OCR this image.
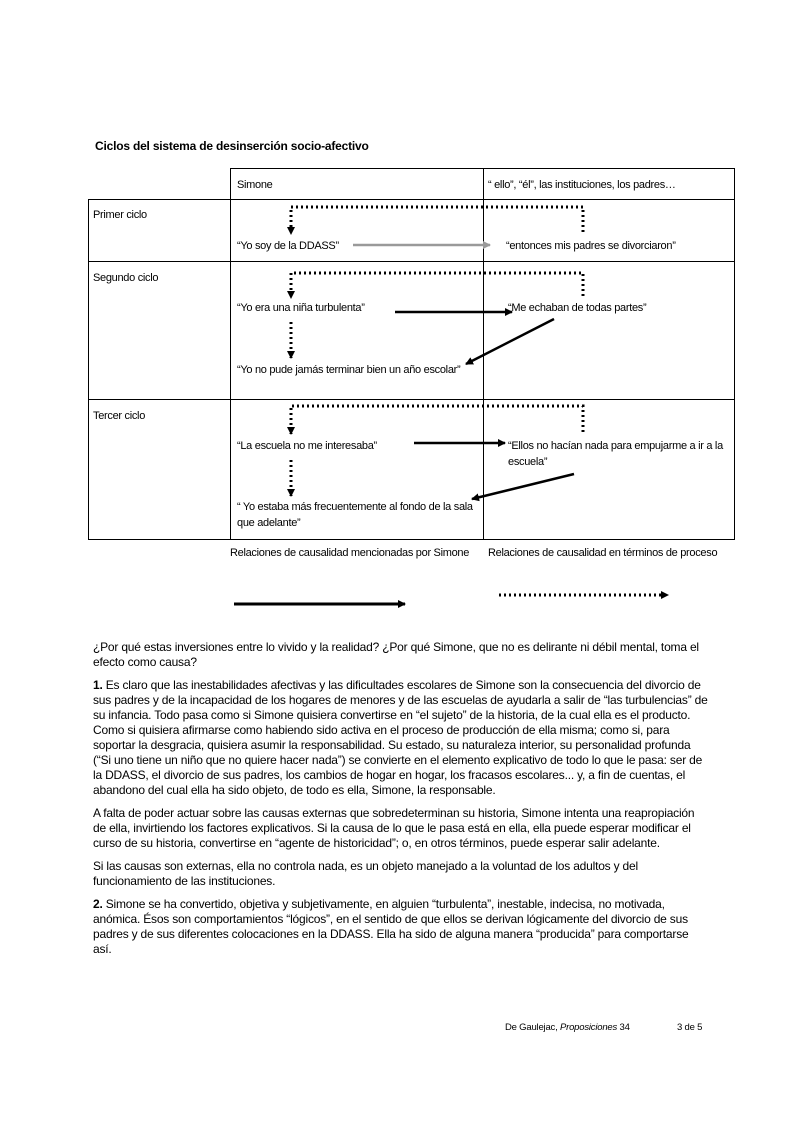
Ciclos del sistema de desinserción socio-afectivo
Simone	“ ello”, “él”, las instituciones, los padres…
Primer ciclo
“Yo soy de la DDASS”	“entonces mis padres se divorciaron”
Segundo ciclo
“Yo era una niña turbulenta”	“Me echaban de todas partes”
“Yo no pude jamás terminar bien un año escolar”
Tercer ciclo
“La escuela no me interesaba”	“Ellos no hacían nada para empujarme a ir a la escuela”
“ Yo estaba más frecuentemente al fondo de la sala que adelante”
Relaciones de causalidad mencionadas por Simone Relaciones de causalidad en términos de proceso

¿Por qué estas inversiones entre lo vivido y la realidad? ¿Por qué Simone, que no es delirante ni débil mental, toma el efecto como causa?

1. Es claro que las inestabilidades afectivas y las dificultades escolares de Simone son la consecuencia del divorcio de sus padres y de la incapacidad de los hogares de menores y de las escuelas de ayudarla a salir de “las turbulencias” de su infancia. Todo pasa como si Simone quisiera convertirse en “el sujeto” de la historia, de la cual ella es el producto. Como si quisiera afirmarse como habiendo sido activa en el proceso de producción de ella misma; como si, para soportar la desgracia, quisiera asumir la responsabilidad. Su estado, su naturaleza interior, su personalidad profunda (“Si uno tiene un niño que no quiere hacer nada”) se convierte en el elemento explicativo de todo lo que le pasa: ser de la DDASS, el divorcio de sus padres, los cambios de hogar en hogar, los fracasos escolares... y, a fin de cuentas, el abandono del cual ella ha sido objeto, de todo es ella, Simone, la responsable.

A falta de poder actuar sobre las causas externas que sobredeterminan su historia, Simone intenta una reapropiación de ella, invirtiendo los factores explicativos. Si la causa de lo que le pasa está en ella, ella puede esperar modificar el curso de su historia, convertirse en “agente de historicidad”; o, en otros términos, puede esperar salir adelante.

Si las causas son externas, ella no controla nada, es un objeto manejado a la voluntad de los adultos y del funcionamiento de las instituciones.

2. Simone se ha convertido, objetiva y subjetivamente, en alguien “turbulenta”, inestable, indecisa, no motivada, anómica. Ésos son comportamientos “lógicos”, en el sentido de que ellos se derivan lógicamente del divorcio de sus padres y de sus diferentes colocaciones en la DDASS. Ella ha sido de alguna manera “producida” para comportarse así.

De Gaulejac, Proposiciones 34	3 de 5
